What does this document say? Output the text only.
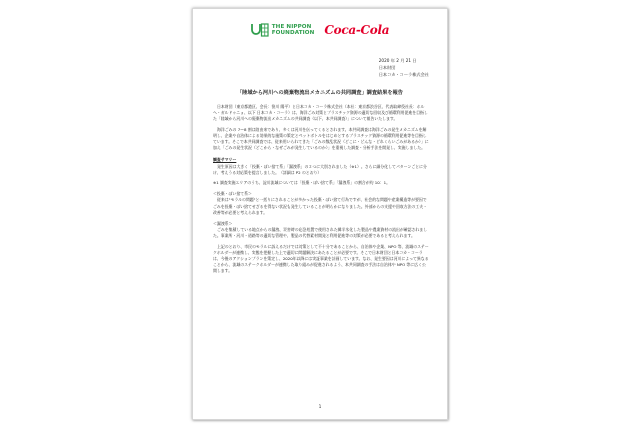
THE NIPPON
FOUNDATION Coca-Cola
2020 年 2 月 21 日
日本財団
日本コカ・コーラ株式会社
「陸域から河川への廃棄物流出メカニズムの共同調査」調査結果を報告

日本財団（東京都港区、会長：笹川 陽平）と日本コカ・コーラ株式会社（本社：東京都渋谷区、代表取締役社長：ホルヘ・ガルドゥニョ、以下 日本コカ・コーラ）は、海洋ごみ対策とプラスチック資源の適切な回収及び循環利用促進を目指した「陸域から河川への廃棄物流出メカニズムの共同調査（以下、本共同調査）」について報告いたします。

海洋ごみの 7〜8 割は陸由来であり、多くは河川を伝ってくるとされます。本共同調査は海洋ごみの発生メカニズムを解明し、企業や自治体による効果的な施策の策定とペットボトルをはじめとするプラスチック資源の循環利用促進等を目指しています。そこで本共同調査では、従来用いられてきた「ごみの散乱状況（どこに・どんな・どれくらいごみがあるか）」に加え「ごみの発生状況（どこから・なぜごみが発生しているのか）」を重視した調査・分析手法を開発し、実施しました。

調査サマリー

発生原因は大きく「投棄・ぽい捨て系」「漏洩系」の２つに大別されました（※1）。さらに細分化してパターンごとに分け、考えうる対応策を提言しました。（詳細は P2 のとおり）

※1 調査実施エリアのうち、淀川流域については「投棄・ぽい捨て系」「漏洩系」の割合が約 10：1。

＜投棄・ぽい捨て系＞

従来は"モラルの問題"と一括りにされることが多かった投棄・ぽい捨て行為ですが、社会的な問題や産業構造等が要因でごみを投棄・ぽい捨てせざるを得ない状況も発生していることが明らかになりました。外部からの支援や回収方法の工夫・改善等が必要と考えられます。

＜漏洩系＞

ごみを集積している地点からの漏洩、災害時の応急処置で使用された韓半氷化した製品や農業資材の流出が確認されました。事業所・河川・道路等の適切な管理や、製品の代替素材開発と利用促進等の対策が必要であると考えられます。

上記のとおり、市民のモラルに訴えるだけでは対策として不十分であることから、自治体や企業、NPO 等、流域のステークホルダーが連携し、実態を把握した上で適切に問題解決にあたることが必要です。そこで日本財団と日本コカ・コーラは、今後のアクションプランを策定し、2020年以降には実証事業を計画しています。なお、発生要因は河川によって異なることから、流域のステークホルダーが連携した取り組みが促進されるよう、本共同調査の手法は自治体や NPO 等に広く公開します。

1
